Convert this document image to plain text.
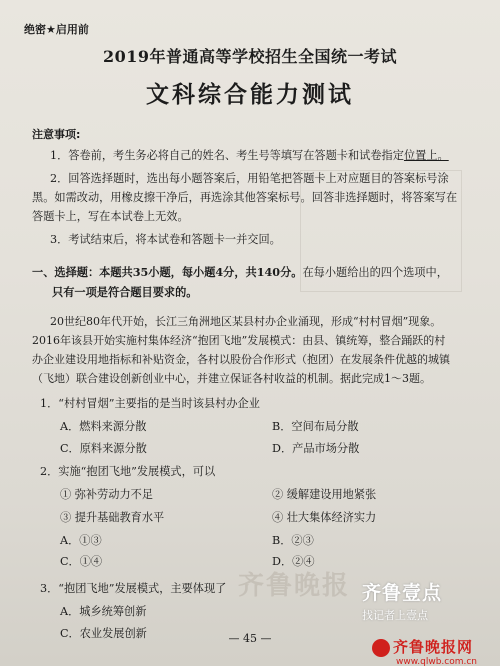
绝密★启用前
2019年普通高等学校招生全国统一考试
文科综合能力测试
注意事项:
1．答卷前，考生务必将自己的姓名、考生号等填写在答题卡和试卷指定位置上。
2．回答选择题时，选出每小题答案后，用铅笔把答题卡上对应题目的答案标号涂
黑。如需改动，用橡皮擦干净后，再选涂其他答案标号。回答非选择题时，将答案写在
答题卡上，写在本试卷上无效。
3．考试结束后，将本试卷和答题卡一并交回。
一、选择题：本题共35小题，每小题4分，共140分。在每小题给出的四个选项中，
只有一项是符合题目要求的。
20世纪80年代开始，长江三角洲地区某县村办企业涌现，形成“村村冒烟”现象。
2016年该县开始实施村集体经济“抱团飞地”发展模式：由县、镇统筹，整合踊跃的村
办企业建设用地指标和补贴资金，各村以股份合作形式（抱团）在发展条件优越的城镇
（飞地）联合建设创新创业中心，并建立保证各村收益的机制。据此完成1～3题。
1．“村村冒烟”主要指的是当时该县村办企业
A．燃料来源分散	B．空间布局分散
C．原料来源分散	D．产品市场分散
2．实施“抱团飞地”发展模式，可以
① 弥补劳动力不足	② 缓解建设用地紧张
③ 提升基础教育水平	④ 壮大集体经济实力
A．①③	B．②③
C．①④	D．②④
3．“抱团飞地”发展模式，主要体现了
A．城乡统筹创新
C．农业发展创新	— 45 —
齐鲁晚报 齐鲁壹点
找记者上壹点
齐鲁晚报网
www.qlwb.com.cn
